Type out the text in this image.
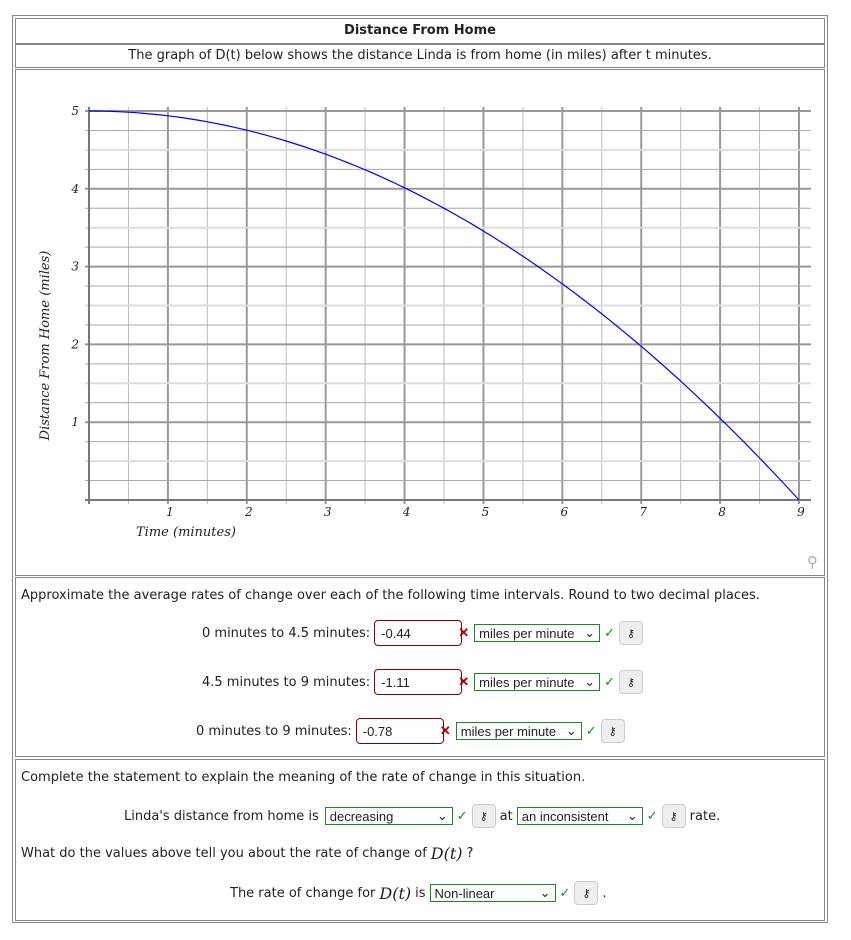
Distance From Home
The graph of D(t) below shows the distance Linda is from home (in miles) after t minutes.
1	2	3	4	5	6	7	8	9
1
2
3
4
5
Time (minutes)
Distance From Home (miles)
⚲
Approximate the average rates of change over each of the following time intervals. Round to two decimal places.
0 minutes to 4.5 minutes: -0.44	✕ miles per minute ⌄ ✓	⚷
4.5 minutes to 9 minutes: -1.11	✕ miles per minute ⌄ ✓	⚷
0 minutes to 9 minutes: -0.78	✕ miles per minute ⌄ ✓	⚷
Complete the statement to explain the meaning of the rate of change in this situation.
Linda's distance from home is decreasing	⌄ ✓	⚷ at an inconsistent ⌄ ✓	⚷ rate.
What do the values above tell you about the rate of change of D(t) ?
The rate of change for D(t) is Non-linear	⌄ ✓	⚷ .
